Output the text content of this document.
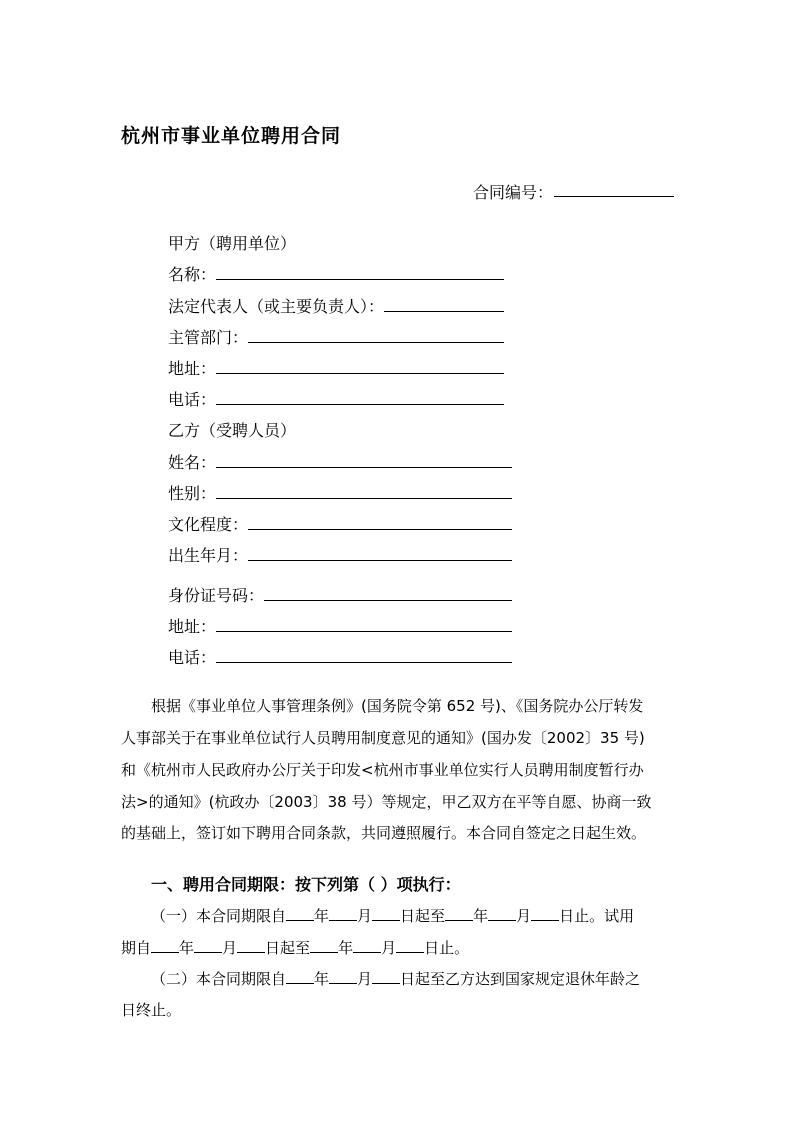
杭州市事业单位聘用合同
合同编号：
甲方（聘用单位）
名称：
法定代表人（或主要负责人）：
主管部门：
地址：
电话：
乙方（受聘人员）
姓名：
性别：
文化程度：
出生年月：
身份证号码：
地址：
电话：
根据《事业单位人事管理条例》(国务院令第 652 号)、《国务院办公厅转发
人事部关于在事业单位试行人员聘用制度意见的通知》(国办发〔2002〕35 号)
和《杭州市人民政府办公厅关于印发<杭州市事业单位实行人员聘用制度暂行办
法>的通知》(杭政办〔2003〕38 号）等规定，甲乙双方在平等自愿、协商一致
的基础上，签订如下聘用合同条款，共同遵照履行。本合同自签定之日起生效。
一、聘用合同期限：按下列第（ ）项执行：
（一）本合同期限自 年 月 日起至 年 月 日止。试用
期自 年 月 日起至 年 月 日止。
（二）本合同期限自 年 月 日起至乙方达到国家规定退休年龄之
日终止。
